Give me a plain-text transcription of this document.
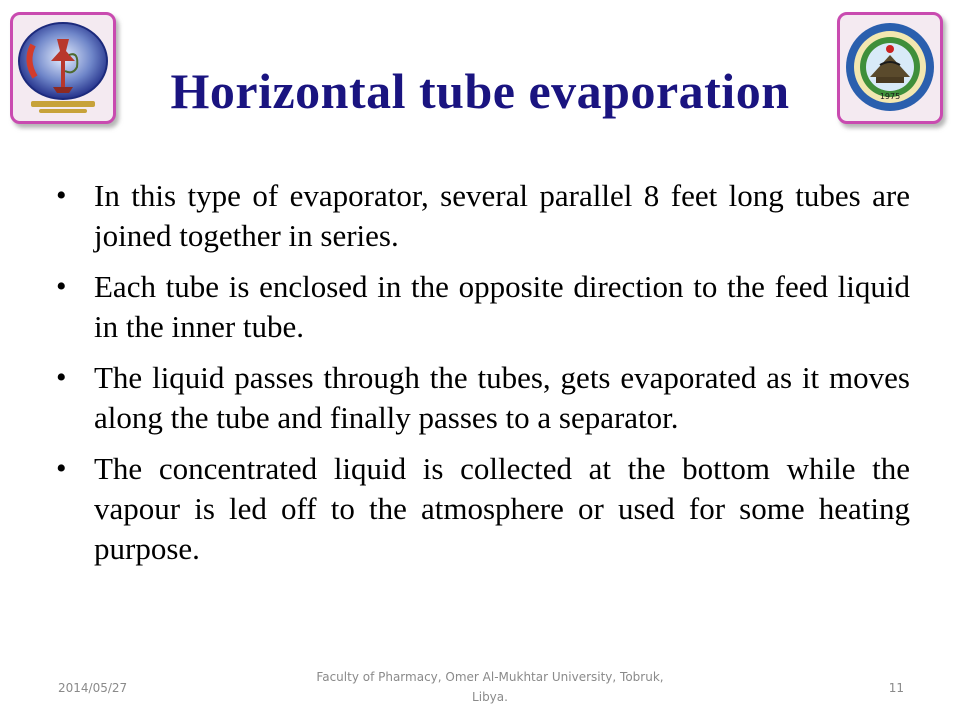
1975
Horizontal tube evaporation
• In this type of evaporator, several parallel 8 feet long tubes are joined together in series.
• Each tube is enclosed in the opposite direction to the feed liquid in the inner tube.
• The liquid passes through the tubes, gets evaporated as it moves along the tube and finally passes to a separator.
• The concentrated liquid is collected at the bottom while the vapour is led off to the atmosphere or used for some heating purpose.
2014/05/27
Faculty of Pharmacy, Omer Al-Mukhtar University, Tobruk, Libya.
11
